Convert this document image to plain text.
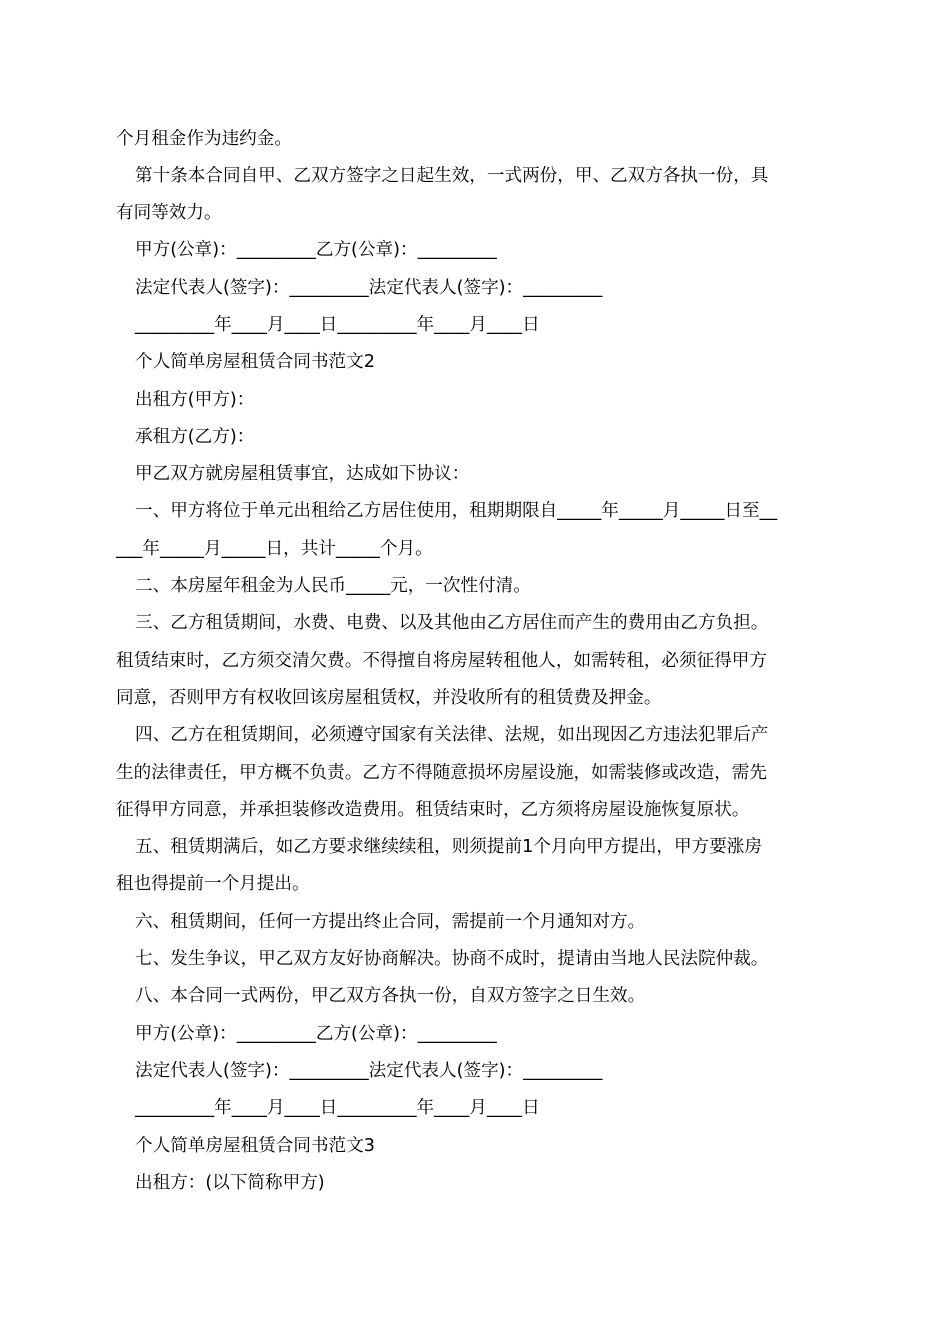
个月租金作为违约金。
第十条本合同自甲、乙双方签字之日起生效，一式两份，甲、乙双方各执一份，具
有同等效力。
甲方(公章)：_________乙方(公章)：_________
法定代表人(签字)：_________法定代表人(签字)：_________
_________年____月____日_________年____月____日
个人简单房屋租赁合同书范文2
出租方(甲方)：
承租方(乙方)：
甲乙双方就房屋租赁事宜，达成如下协议：
一、甲方将位于单元出租给乙方居住使用，租期期限自_____年_____月_____日至__
___年_____月_____日，共计_____个月。
二、本房屋年租金为人民币_____元，一次性付清。
三、乙方租赁期间，水费、电费、以及其他由乙方居住而产生的费用由乙方负担。
租赁结束时，乙方须交清欠费。不得擅自将房屋转租他人，如需转租，必须征得甲方
同意，否则甲方有权收回该房屋租赁权，并没收所有的租赁费及押金。
四、乙方在租赁期间，必须遵守国家有关法律、法规，如出现因乙方违法犯罪后产
生的法律责任，甲方概不负责。乙方不得随意损坏房屋设施，如需装修或改造，需先
征得甲方同意，并承担装修改造费用。租赁结束时，乙方须将房屋设施恢复原状。
五、租赁期满后，如乙方要求继续续租，则须提前1个月向甲方提出，甲方要涨房
租也得提前一个月提出。
六、租赁期间，任何一方提出终止合同，需提前一个月通知对方。
七、发生争议，甲乙双方友好协商解决。协商不成时，提请由当地人民法院仲裁。
八、本合同一式两份，甲乙双方各执一份，自双方签字之日生效。
甲方(公章)：_________乙方(公章)：_________
法定代表人(签字)：_________法定代表人(签字)：_________
_________年____月____日_________年____月____日
个人简单房屋租赁合同书范文3
出租方：(以下简称甲方)
